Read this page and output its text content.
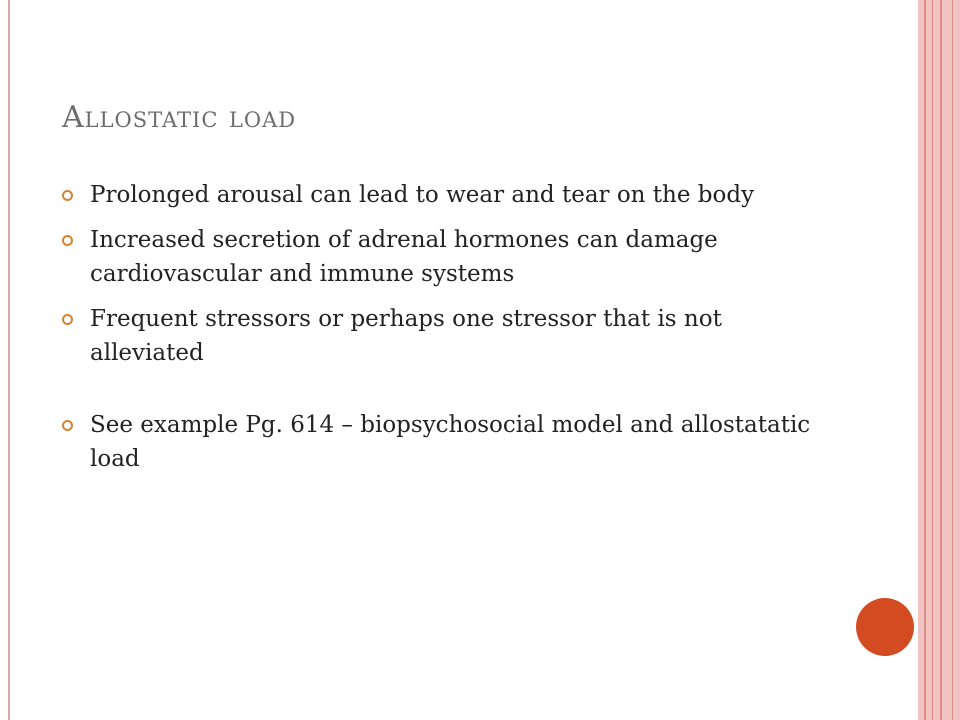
Allostatic load
Prolonged arousal can lead to wear and tear on the body
Increased secretion of adrenal hormones can damage cardiovascular and immune systems
Frequent stressors or perhaps one stressor that is not alleviated
See example Pg. 614 – biopsychosocial model and allostatatic load
